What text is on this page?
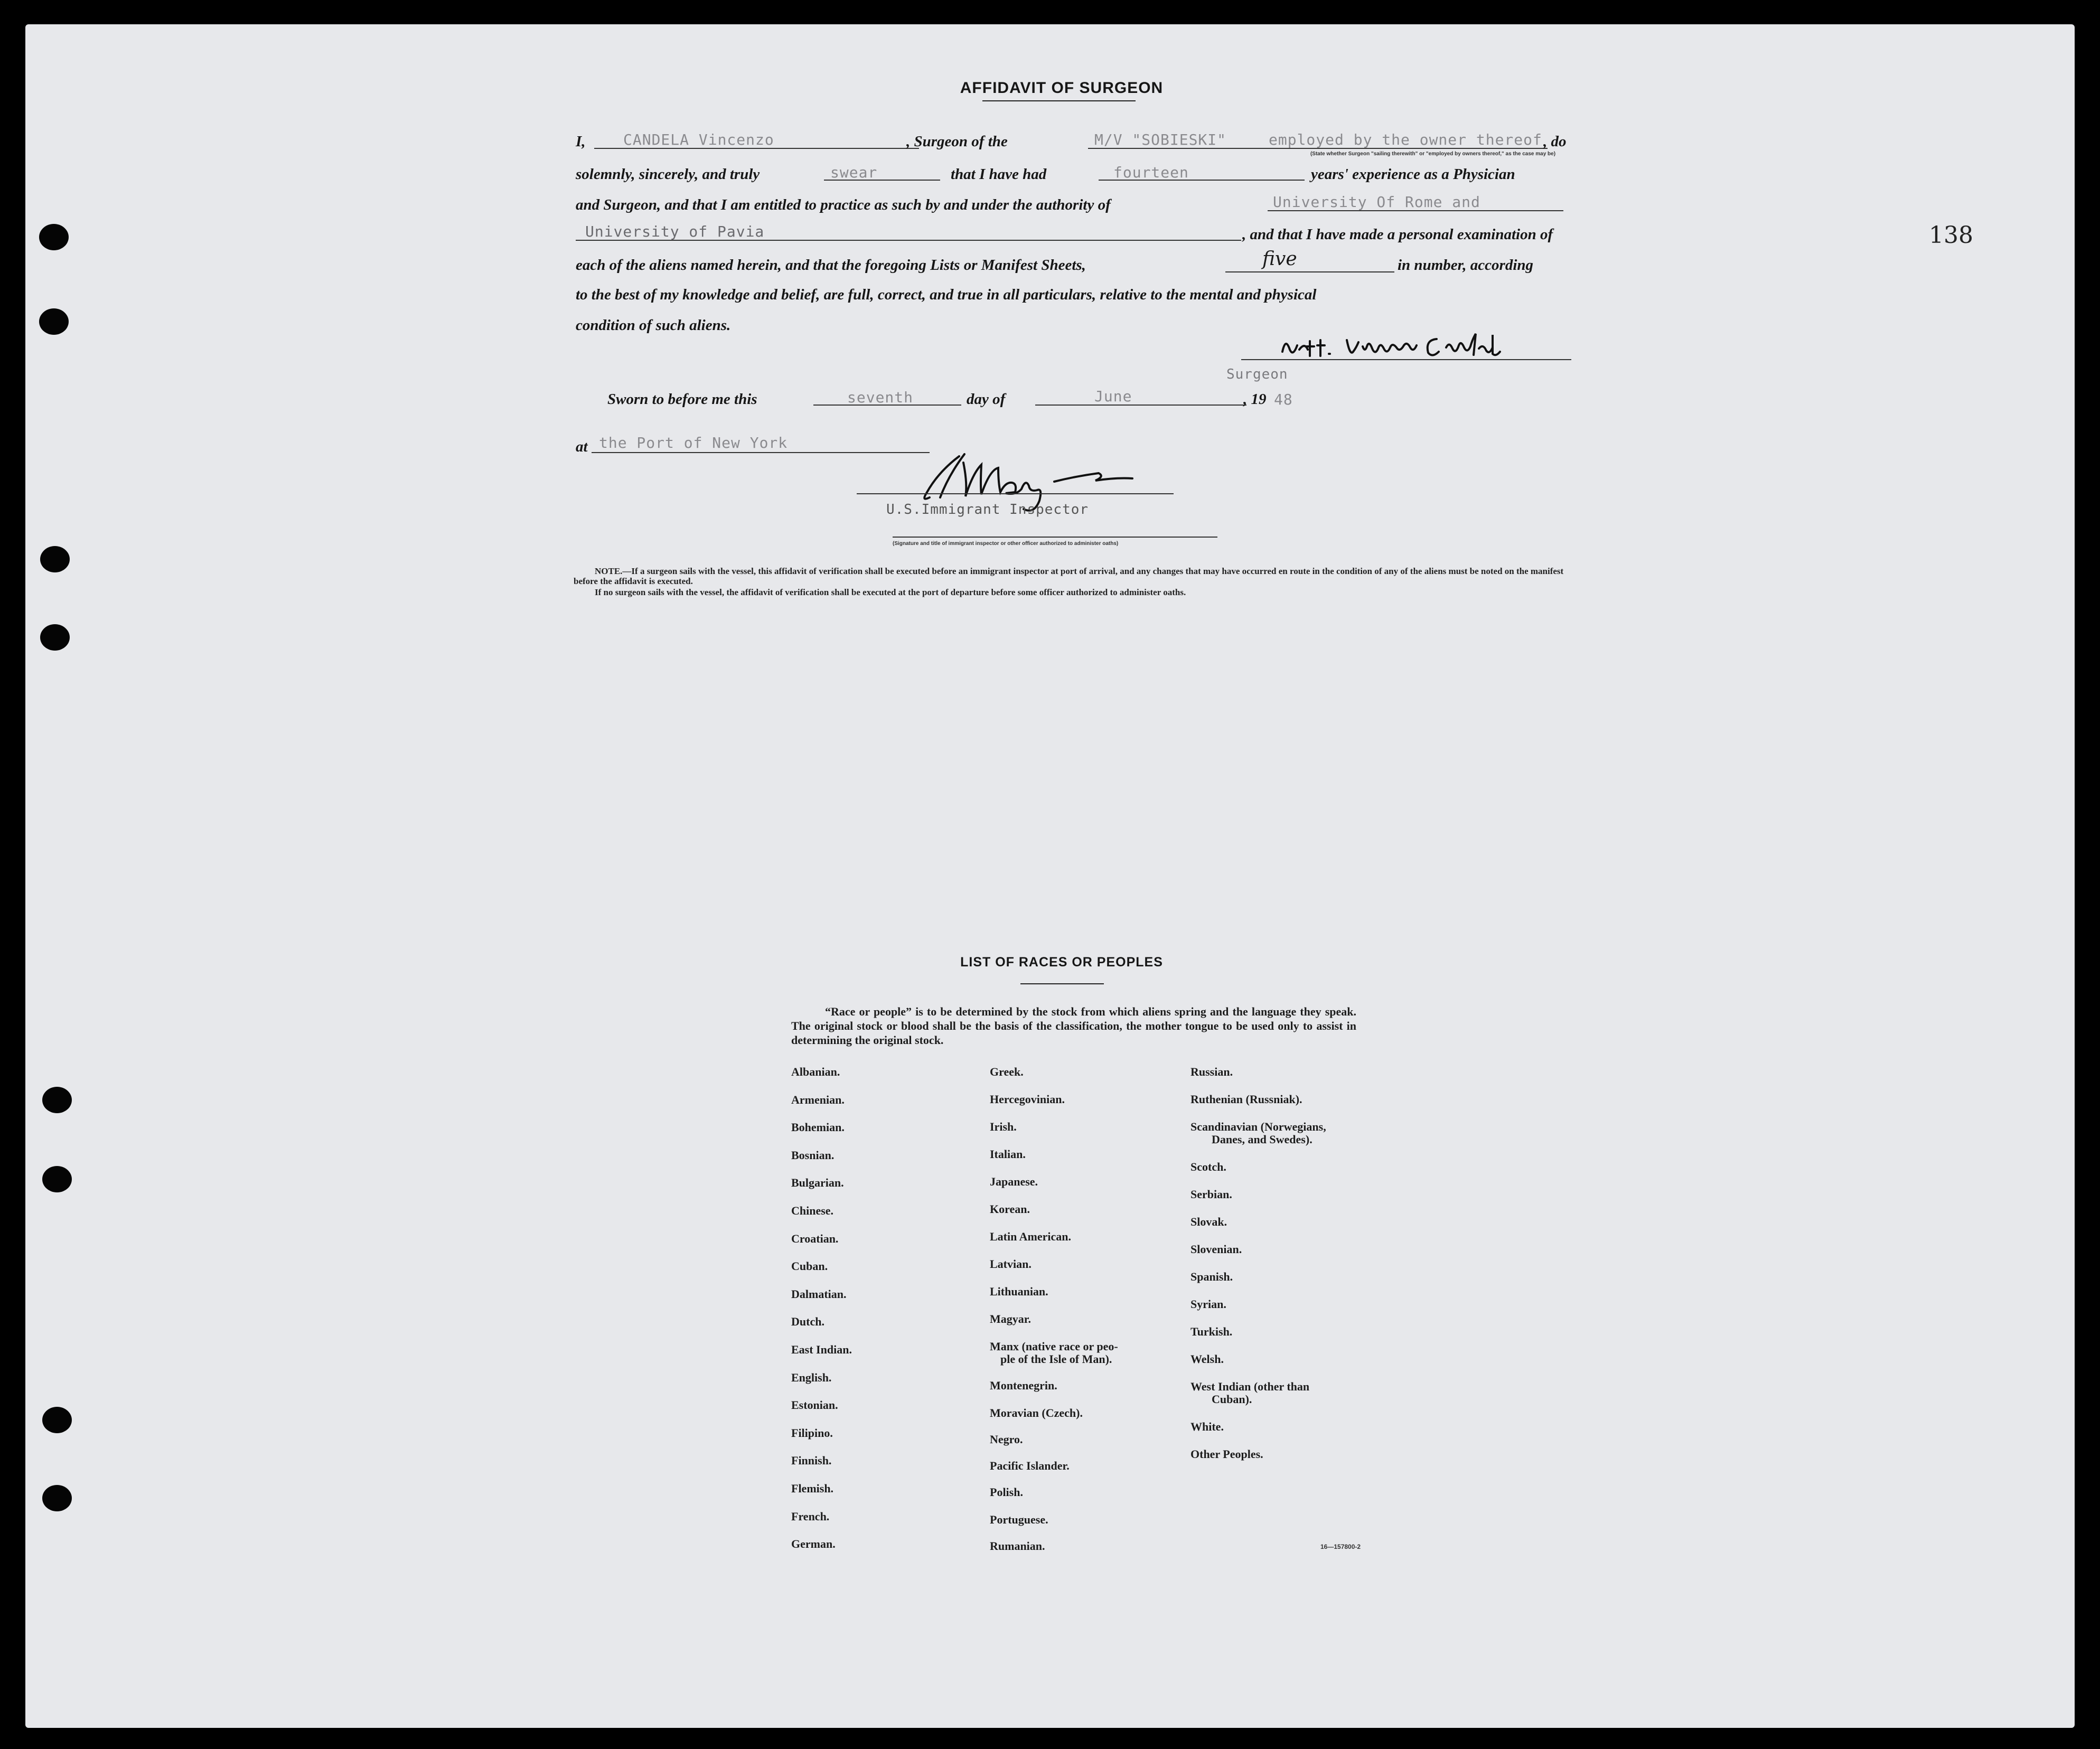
138
AFFIDAVIT OF SURGEON
I,	CANDELA Vincenzo	, Surgeon of the	M/V "SOBIESKI"	employed by the owner thereof , do
(State whether Surgeon "sailing therewith" or "employed by owners thereof," as the case may be)
solemnly, sincerely, and truly	swear	that I have had	fourteen	years' experience as a Physician
and Surgeon, and that I am entitled to practice as such by and under the authority of	University Of Rome and
University of Pavia	, and that I have made a personal examination of
each of the aliens named herein, and that the foregoing Lists or Manifest Sheets,	five	in number, according
to the best of my knowledge and belief, are full, correct, and true in all particulars, relative to the mental and physical
condition of such aliens.
Surgeon
Sworn to before me this	seventh	day of	June	, 19 48
at the Port of New York
U.S.Immigrant Inspector
(Signature and title of immigrant inspector or other officer authorized to administer oaths)
NOTE.—If a surgeon sails with the vessel, this affidavit of verification shall be executed before an immigrant inspector at port of arrival, and any changes that may have occurred en route in the condition of any of the aliens must be noted on the manifest before the affidavit is executed.
If no surgeon sails with the vessel, the affidavit of verification shall be executed at the port of departure before some officer authorized to administer oaths.
LIST OF RACES OR PEOPLES
“Race or people” is to be determined by the stock from which aliens spring and the language they speak. The original stock or blood shall be the basis of the classification, the mother tongue to be used only to assist in determining the original stock.
Albanian.
Armenian.
Bohemian.
Bosnian.
Bulgarian.
Chinese.
Croatian.
Cuban.
Dalmatian.
Dutch.
East Indian.
English.
Estonian.
Filipino.
Finnish.
Flemish.
French.
German.
Greek.
Hercegovinian.
Irish.
Italian.
Japanese.
Korean.
Latin American.
Latvian.
Lithuanian.
Magyar.
Manx (native race or peo-
ple of the Isle of Man).
Montenegrin.
Moravian (Czech).
Negro.
Pacific Islander.
Polish.
Portuguese.
Rumanian.
Russian.
Ruthenian (Russniak).
Scandinavian (Norwegians,
Danes, and Swedes).
Scotch.
Serbian.
Slovak.
Slovenian.
Spanish.
Syrian.
Turkish.
Welsh.
West Indian (other than
Cuban).
White.
Other Peoples.
16—157800-2
